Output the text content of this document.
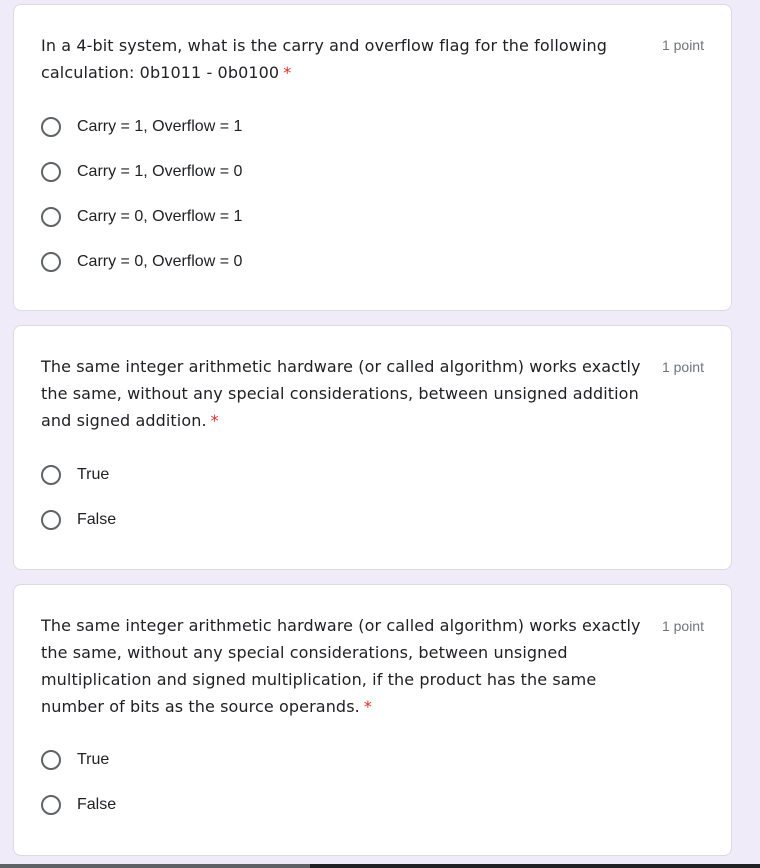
In a 4-bit system, what is the carry and overflow flag for the following calculation: 0b1011 - 0b0100 *
1 point
Carry = 1, Overflow = 1
Carry = 1, Overflow = 0
Carry = 0, Overflow = 1
Carry = 0, Overflow = 0
The same integer arithmetic hardware (or called algorithm) works exactly the same, without any special considerations, between unsigned addition and signed addition. *
1 point
True
False
The same integer arithmetic hardware (or called algorithm) works exactly the same, without any special considerations, between unsigned multiplication and signed multiplication, if the product has the same number of bits as the source operands. *
1 point
True
False
